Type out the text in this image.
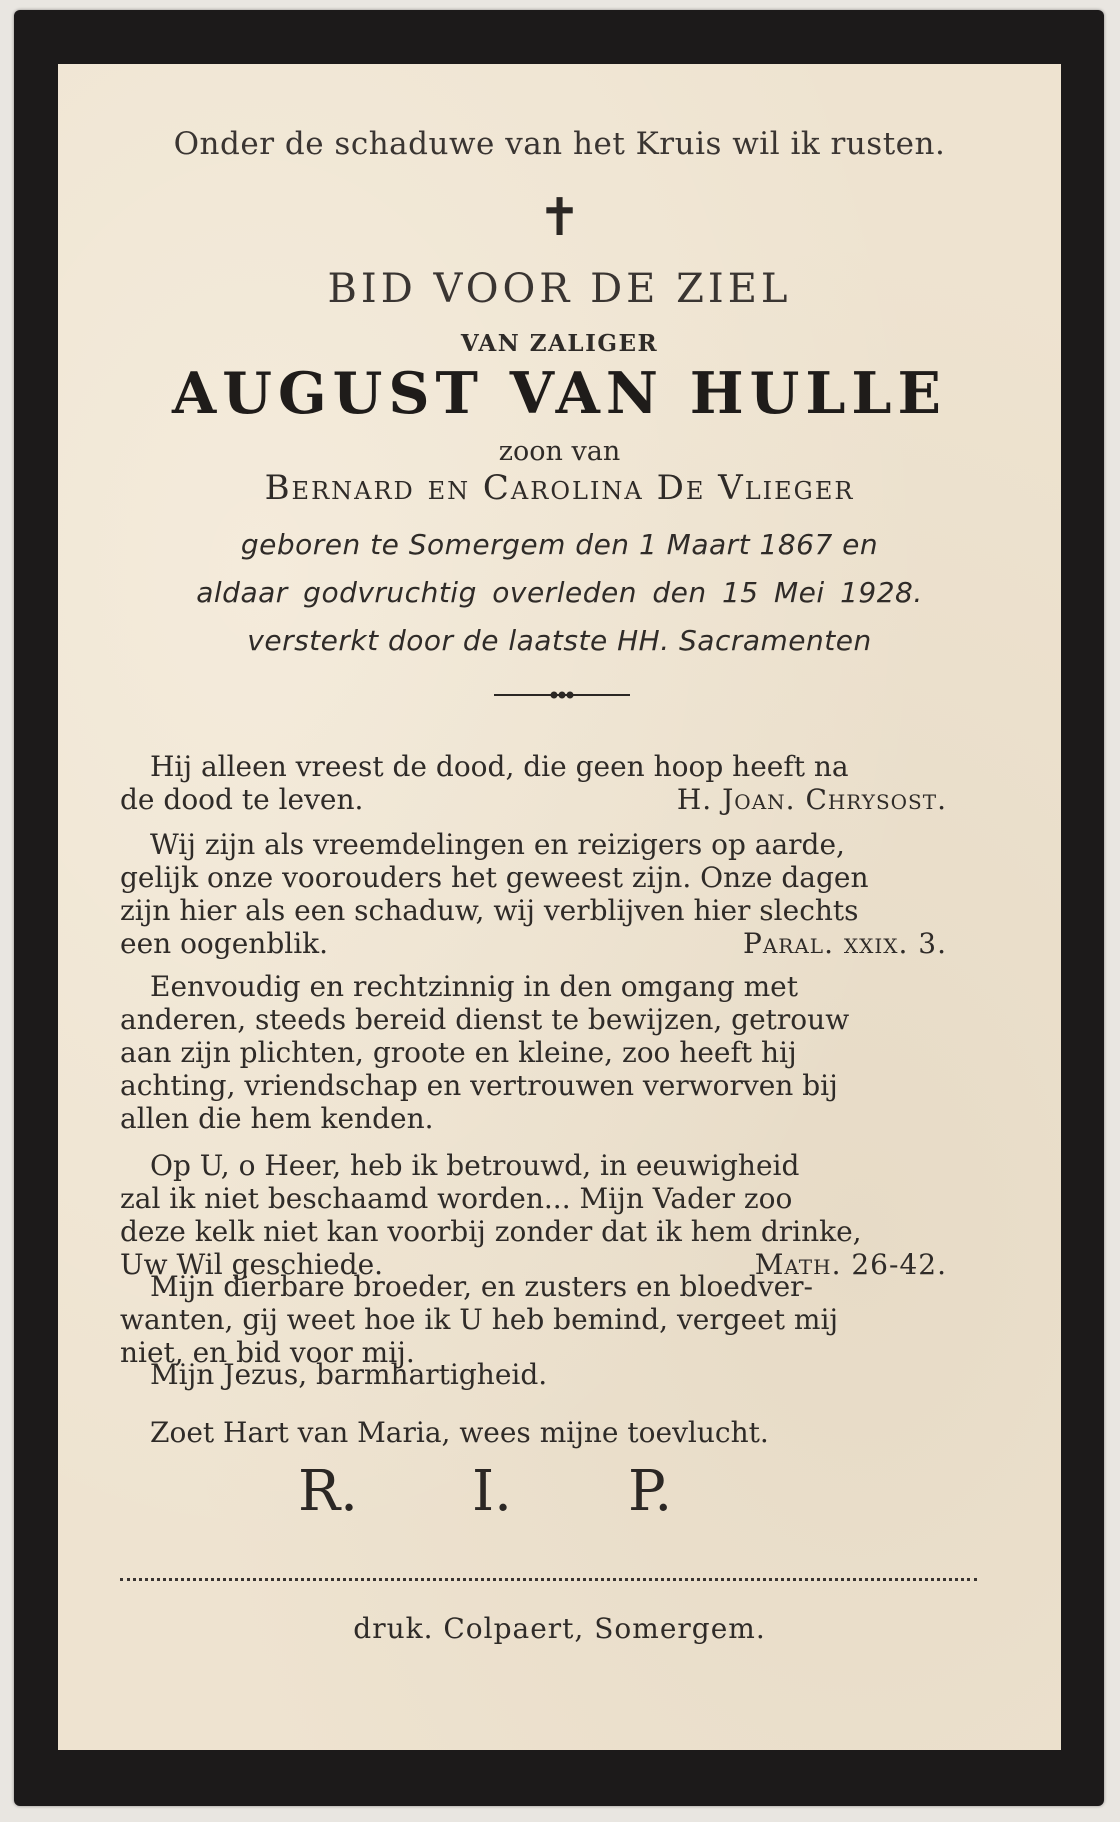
Onder de schaduwe van het Kruis wil ik rusten.
✝
BID VOOR DE ZIEL
VAN ZALIGER
AUGUST VAN HULLE
zoon van
Bernard en Carolina De Vlieger
geboren te Somergem den 1 Maart 1867 en
aldaar godvruchtig overleden den 15 Mei 1928.
versterkt door de laatste HH. Sacramenten
Hij alleen vreest de dood, die geen hoop heeft na
de dood te leven.	H. Joan. Chrysost.
Wij zijn als vreemdelingen en reizigers op aarde,
gelijk onze voorouders het geweest zijn. Onze dagen
zijn hier als een schaduw, wij verblijven hier slechts
een oogenblik.	Paral. xxix. 3.
Eenvoudig en rechtzinnig in den omgang met
anderen, steeds bereid dienst te bewijzen, getrouw
aan zijn plichten, groote en kleine, zoo heeft hij
achting, vriendschap en vertrouwen verworven bij
allen die hem kenden.
Op U, o Heer, heb ik betrouwd, in eeuwigheid
zal ik niet beschaamd worden... Mijn Vader zoo
deze kelk niet kan voorbij zonder dat ik hem drinke,
Uw Wil geschiede.	Math. 26-42.
Mijn dierbare broeder, en zusters en bloedver-
wanten, gij weet hoe ik U heb bemind, vergeet mij
niet, en bid voor mij.
Mijn Jezus, barmhartigheid.
Zoet Hart van Maria, wees mijne toevlucht.
R. I. P.
druk. Colpaert, Somergem.
